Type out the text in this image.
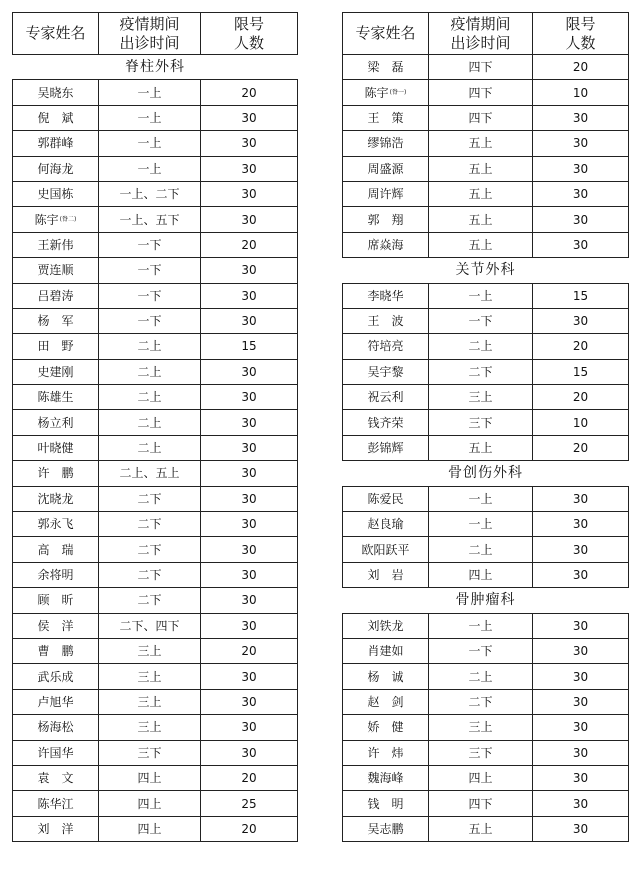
专家姓名	疫情期间
出诊时间	限号
人数
脊柱外科		
吴晓东	一上	20
倪　斌	一上	30
郭群峰	一上	30
何海龙	一上	30
史国栋	一上、二下	30
陈宇(脊二)	一上、五下	30
王新伟	一下	20
贾连顺	一下	30
吕碧涛	一下	30
杨　军	一下	30
田　野	二上	15
史建刚	二上	30
陈雄生	二上	30
杨立利	二上	30
叶晓健	二上	30
许　鹏	二上、五上	30
沈晓龙	二下	30
郭永飞	二下	30
高　瑞	二下	30
余将明	二下	30
顾　昕	二下	30
侯　洋	二下、四下	30
曹　鹏	三上	20
武乐成	三上	30
卢旭华	三上	30
杨海松	三上	30
许国华	三下	30
袁　文	四上	20
陈华江	四上	25
刘　洋	四上	20
专家姓名	疫情期间
出诊时间	限号
人数
梁　磊	四下	20
陈宇(脊一)	四下	10
王　策	四下	30
缪锦浩	五上	30
周盛源	五上	30
周许辉	五上	30
郭　翔	五上	30
席焱海	五上	30
关节外科		
李晓华	一上	15
王　波	一下	30
符培亮	二上	20
吴宇黎	二下	15
祝云利	三上	20
钱齐荣	三下	10
彭锦辉	五上	20
骨创伤外科		
陈爱民	一上	30
赵良瑜	一上	30
欧阳跃平	二上	30
刘　岩	四上	30
骨肿瘤科		
刘铁龙	一上	30
肖建如	一下	30
杨　诚	二上	30
赵　剑	二下	30
娇　健	三上	30
许　炜	三下	30
魏海峰	四上	30
钱　明	四下	30
吴志鹏	五上	30
